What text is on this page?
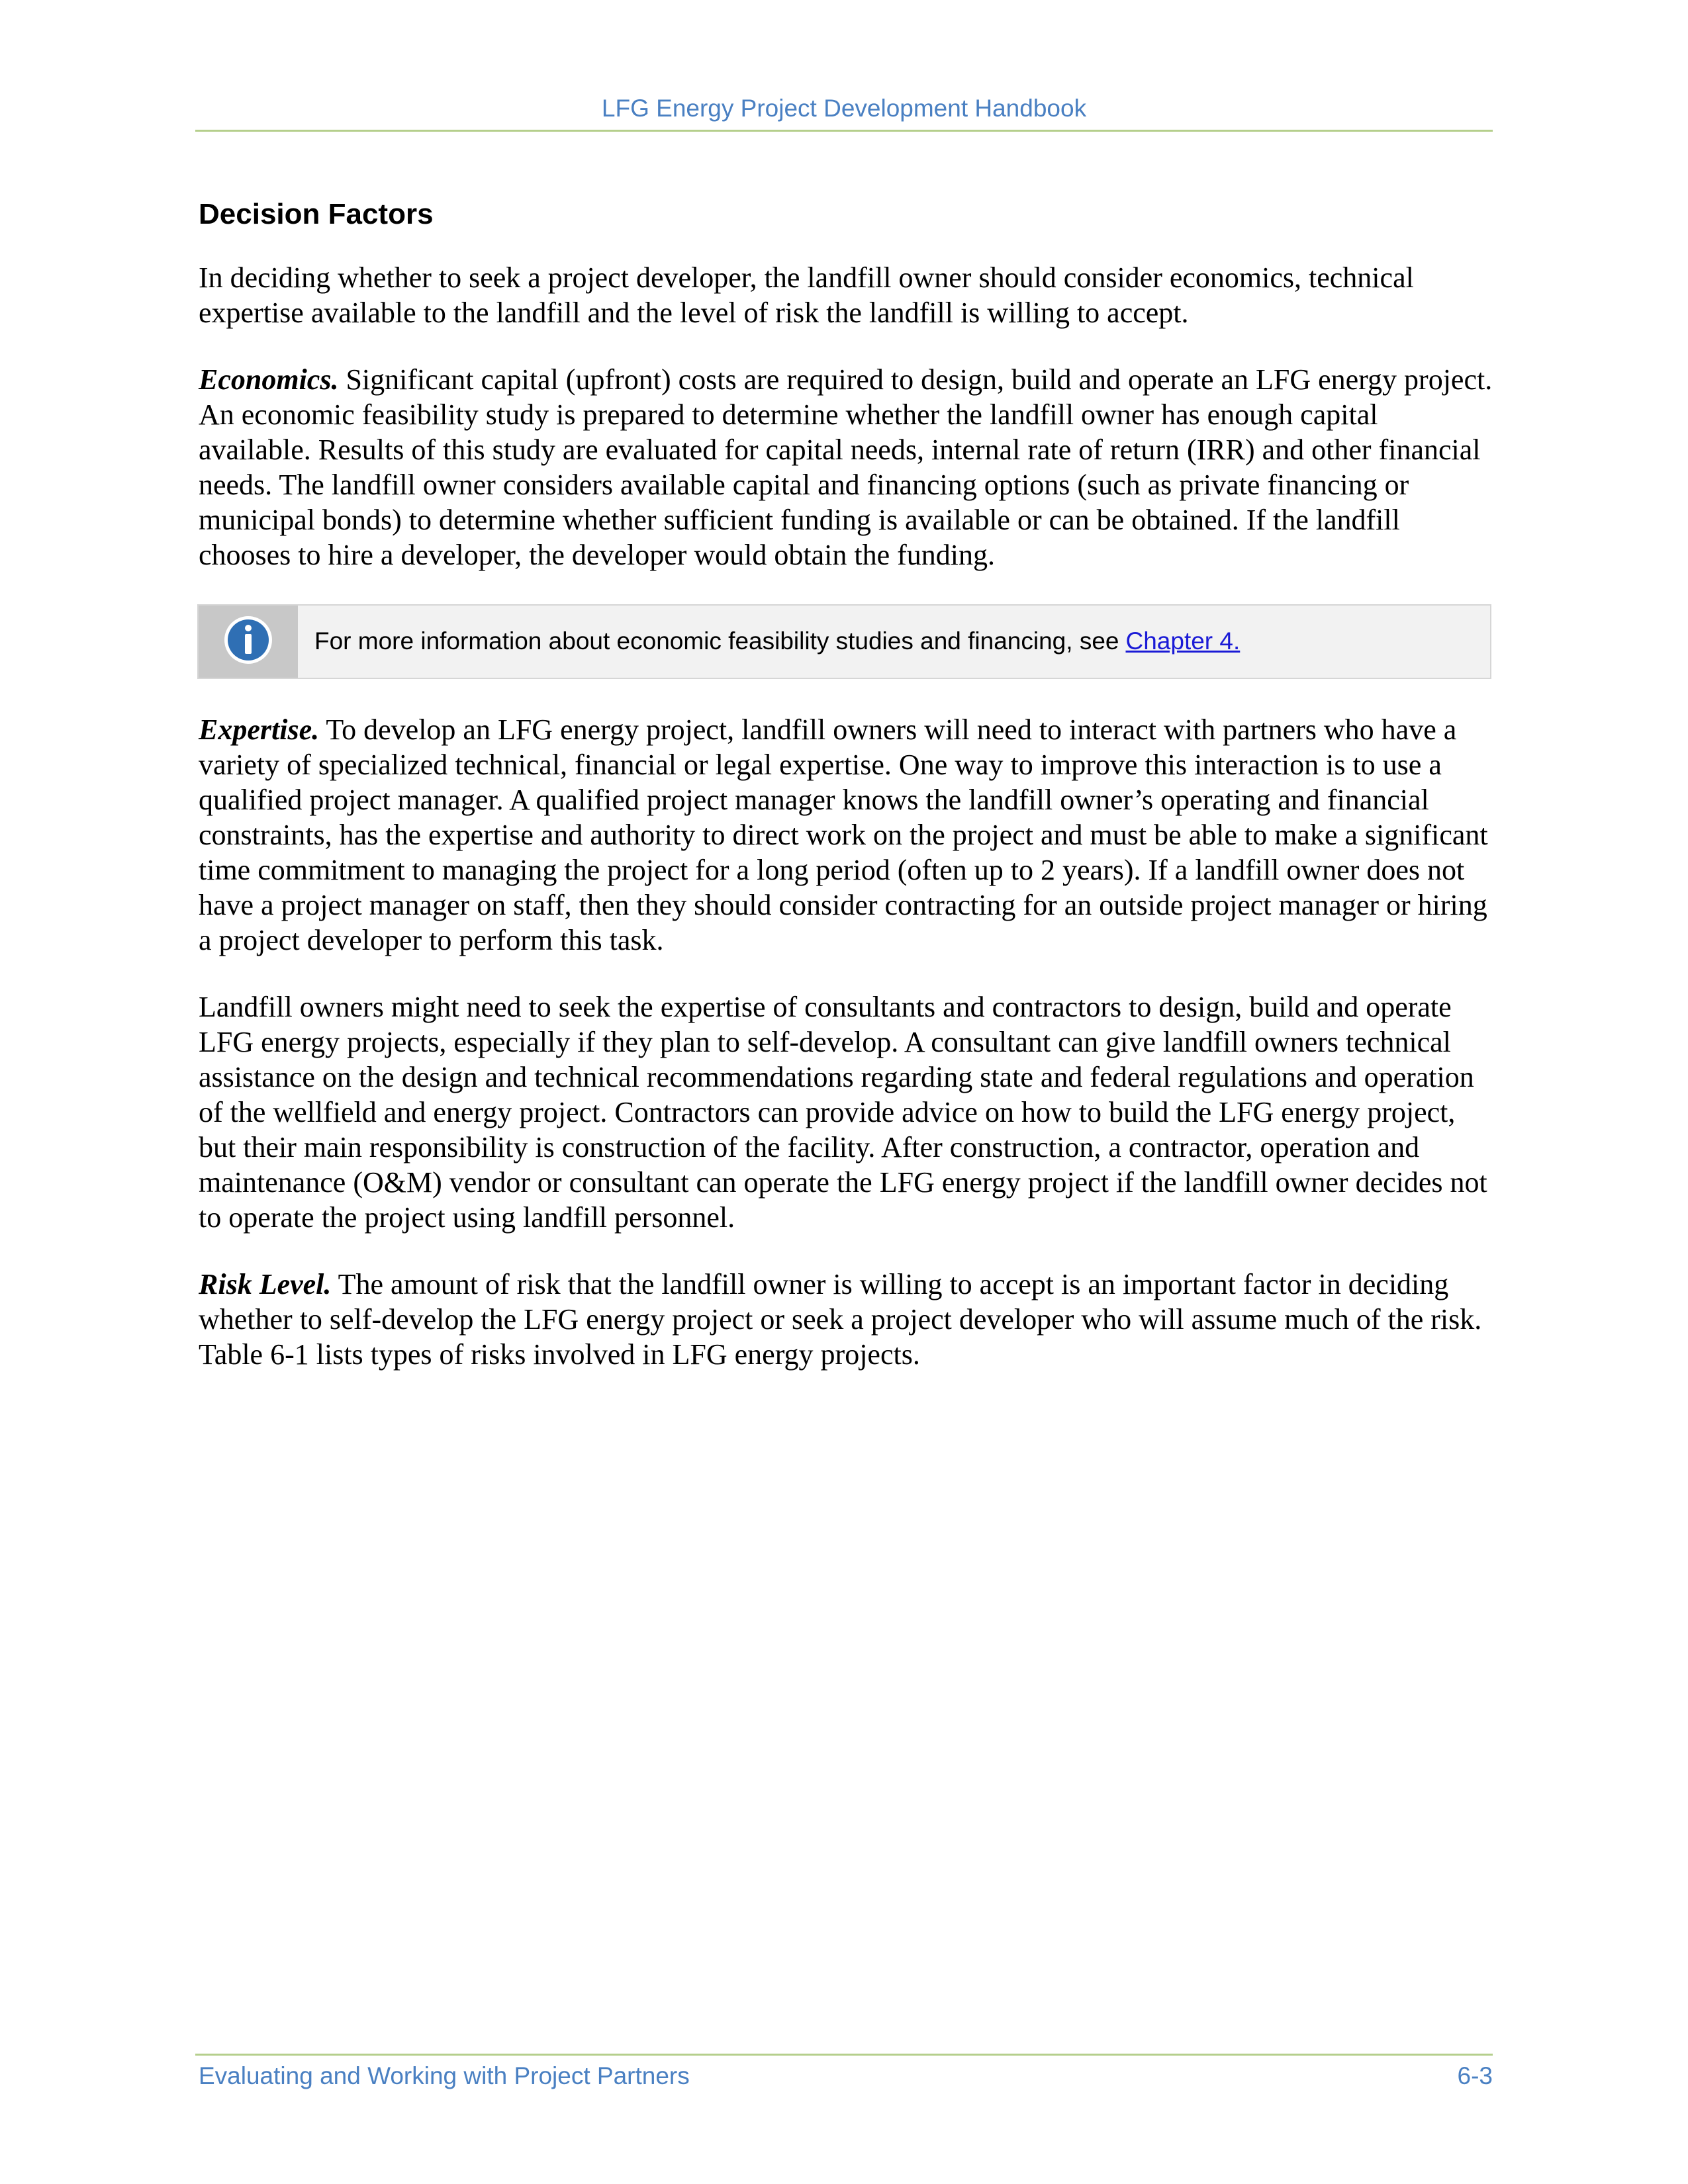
LFG Energy Project Development Handbook
Decision Factors

In deciding whether to seek a project developer, the landfill owner should consider economics, technical expertise available to the landfill and the level of risk the landfill is willing to accept.

Economics. Significant capital (upfront) costs are required to design, build and operate an LFG energy project. An economic feasibility study is prepared to determine whether the landfill owner has enough capital available. Results of this study are evaluated for capital needs, internal rate of return (IRR) and other financial needs. The landfill owner considers available capital and financing options (such as private financing or municipal bonds) to determine whether sufficient funding is available or can be obtained. If the landfill chooses to hire a developer, the developer would obtain the funding.

For more information about economic feasibility studies and financing, see Chapter 4.

Expertise. To develop an LFG energy project, landfill owners will need to interact with partners who have a variety of specialized technical, financial or legal expertise. One way to improve this interaction is to use a qualified project manager. A qualified project manager knows the landfill owner’s operating and financial constraints, has the expertise and authority to direct work on the project and must be able to make a significant time commitment to managing the project for a long period (often up to 2 years). If a landfill owner does not have a project manager on staff, then they should consider contracting for an outside project manager or hiring a project developer to perform this task.

Landfill owners might need to seek the expertise of consultants and contractors to design, build and operate LFG energy projects, especially if they plan to self-develop. A consultant can give landfill owners technical assistance on the design and technical recommendations regarding state and federal regulations and operation of the wellfield and energy project. Contractors can provide advice on how to build the LFG energy project, but their main responsibility is construction of the facility. After construction, a contractor, operation and maintenance (O&M) vendor or consultant can operate the LFG energy project if the landfill owner decides not to operate the project using landfill personnel.

Risk Level. The amount of risk that the landfill owner is willing to accept is an important factor in deciding whether to self-develop the LFG energy project or seek a project developer who will assume much of the risk. Table 6-1 lists types of risks involved in LFG energy projects.

Evaluating and Working with Project Partners	6-3
